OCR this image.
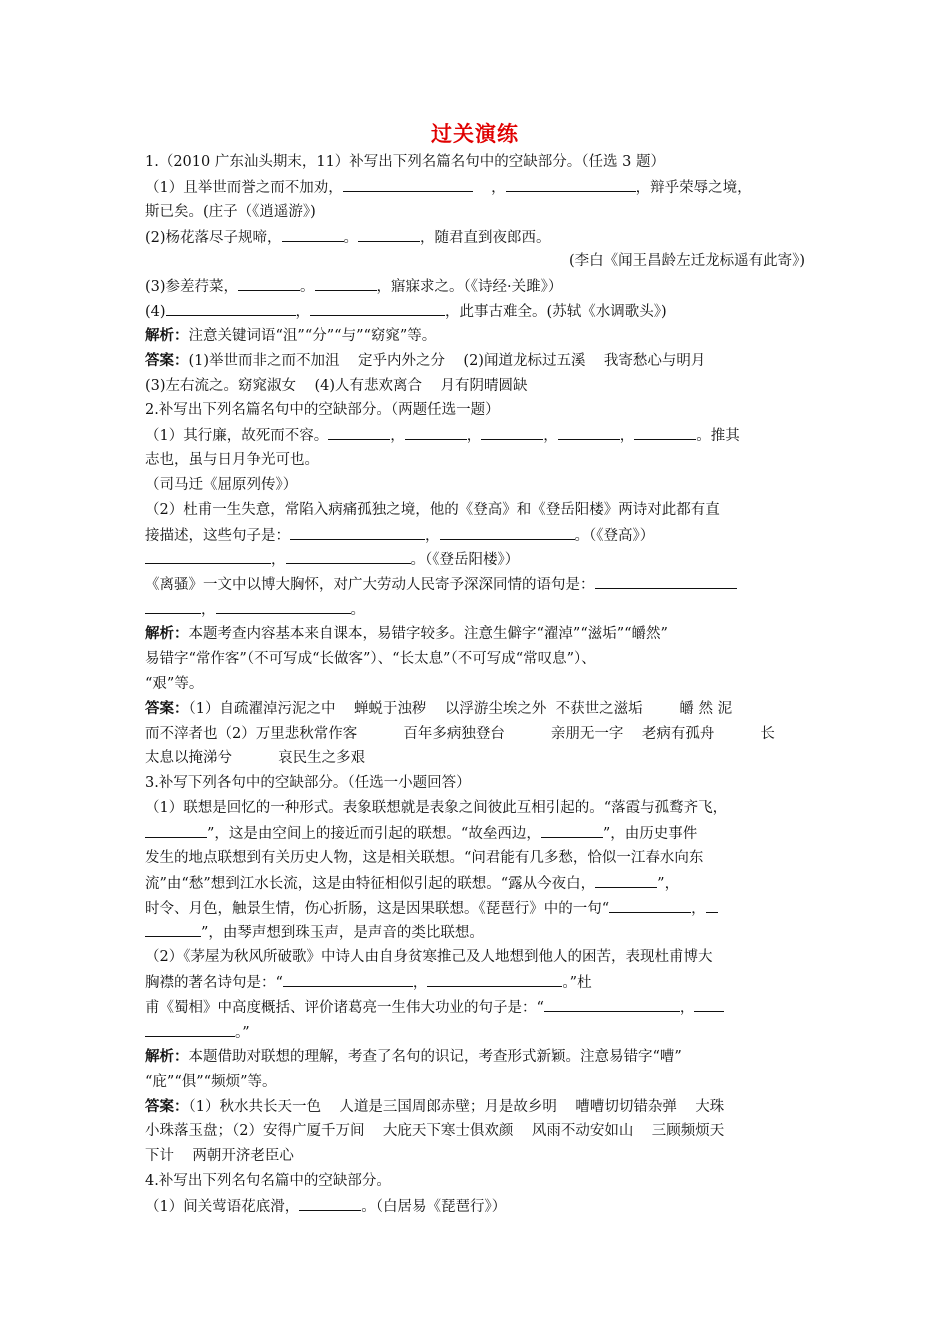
过关演练
1.（2010 广东汕头期末，11）补写出下列名篇名句中的空缺部分。（任选 3 题）
（1）且举世而誉之而不加劝，	，	，辩乎荣辱之境，
斯已矣。(庄子（《逍遥游》)
(2)杨花落尽子规啼，	。	，随君直到夜郎西。
(李白《闻王昌龄左迁龙标遥有此寄》)
(3)参差荇菜，	。	，寤寐求之。（《诗经·关雎》）
(4)	，	，此事古难全。(苏轼《水调歌头》)
解析：注意关键词语“沮”“分”“与”“窈窕”等。
答案：(1)举世而非之而不加沮    定乎内外之分    (2)闻道龙标过五溪    我寄愁心与明月
(3)左右流之。窈窕淑女    (4)人有悲欢离合    月有阴晴圆缺
2.补写出下列名篇名句中的空缺部分。（两题任选一题）
（1）其行廉，故死而不容。	，	，	，	，	。推其
志也，虽与日月争光可也。
（司马迁《屈原列传》）
（2）杜甫一生失意，常陷入病痛孤独之境，他的《登高》和《登岳阳楼》两诗对此都有直
接描述，这些句子是：	，	。（《登高》）
，	。（《登岳阳楼》）
《离骚》一文中以博大胸怀，对广大劳动人民寄予深深同情的语句是：
，	。
解析：本题考查内容基本来自课本，易错字较多。注意生僻字“濯淖”“滋垢”“皭然”
易错字“常作客”（不可写成“长做客”）、“长太息”（不可写成“常叹息”）、
“艰”等。
答案：（1）自疏濯淖污泥之中    蝉蜕于浊秽    以浮游尘埃之外  不获世之滋垢        皭 然 泥
而不滓者也（2）万里悲秋常作客          百年多病独登台          亲朋无一字    老病有孤舟          长
太息以掩涕兮          哀民生之多艰
3.补写下列各句中的空缺部分。（任选一小题回答）
（1）联想是回忆的一种形式。表象联想就是表象之间彼此互相引起的。“落霞与孤鹜齐飞，
”，这是由空间上的接近而引起的联想。“故垒西边，	”，由历史事件
发生的地点联想到有关历史人物，这是相关联想。“问君能有几多愁，恰似一江春水向东
流”由“愁”想到江水长流，这是由特征相似引起的联想。“露从今夜白，	”，
时令、月色，触景生情，伤心折肠，这是因果联想。《琵琶行》中的一句“	，
”，由琴声想到珠玉声，是声音的类比联想。
（2）《茅屋为秋风所破歌》中诗人由自身贫寒推己及人地想到他人的困苦，表现杜甫博大
胸襟的著名诗句是：“	，	。”杜
甫《蜀相》中高度概括、评价诸葛亮一生伟大功业的句子是：“	，
。”
解析：本题借助对联想的理解，考查了名句的识记，考查形式新颖。注意易错字“嘈”
“庇”“俱”“频烦”等。
答案：（1）秋水共长天一色    人道是三国周郎赤壁；月是故乡明    嘈嘈切切错杂弹    大珠
小珠落玉盘；（2）安得广厦千万间    大庇天下寒士俱欢颜    风雨不动安如山    三顾频烦天
下计    两朝开济老臣心
4.补写出下列名句名篇中的空缺部分。
（1）间关莺语花底滑，	。（白居易《琵琶行》）
